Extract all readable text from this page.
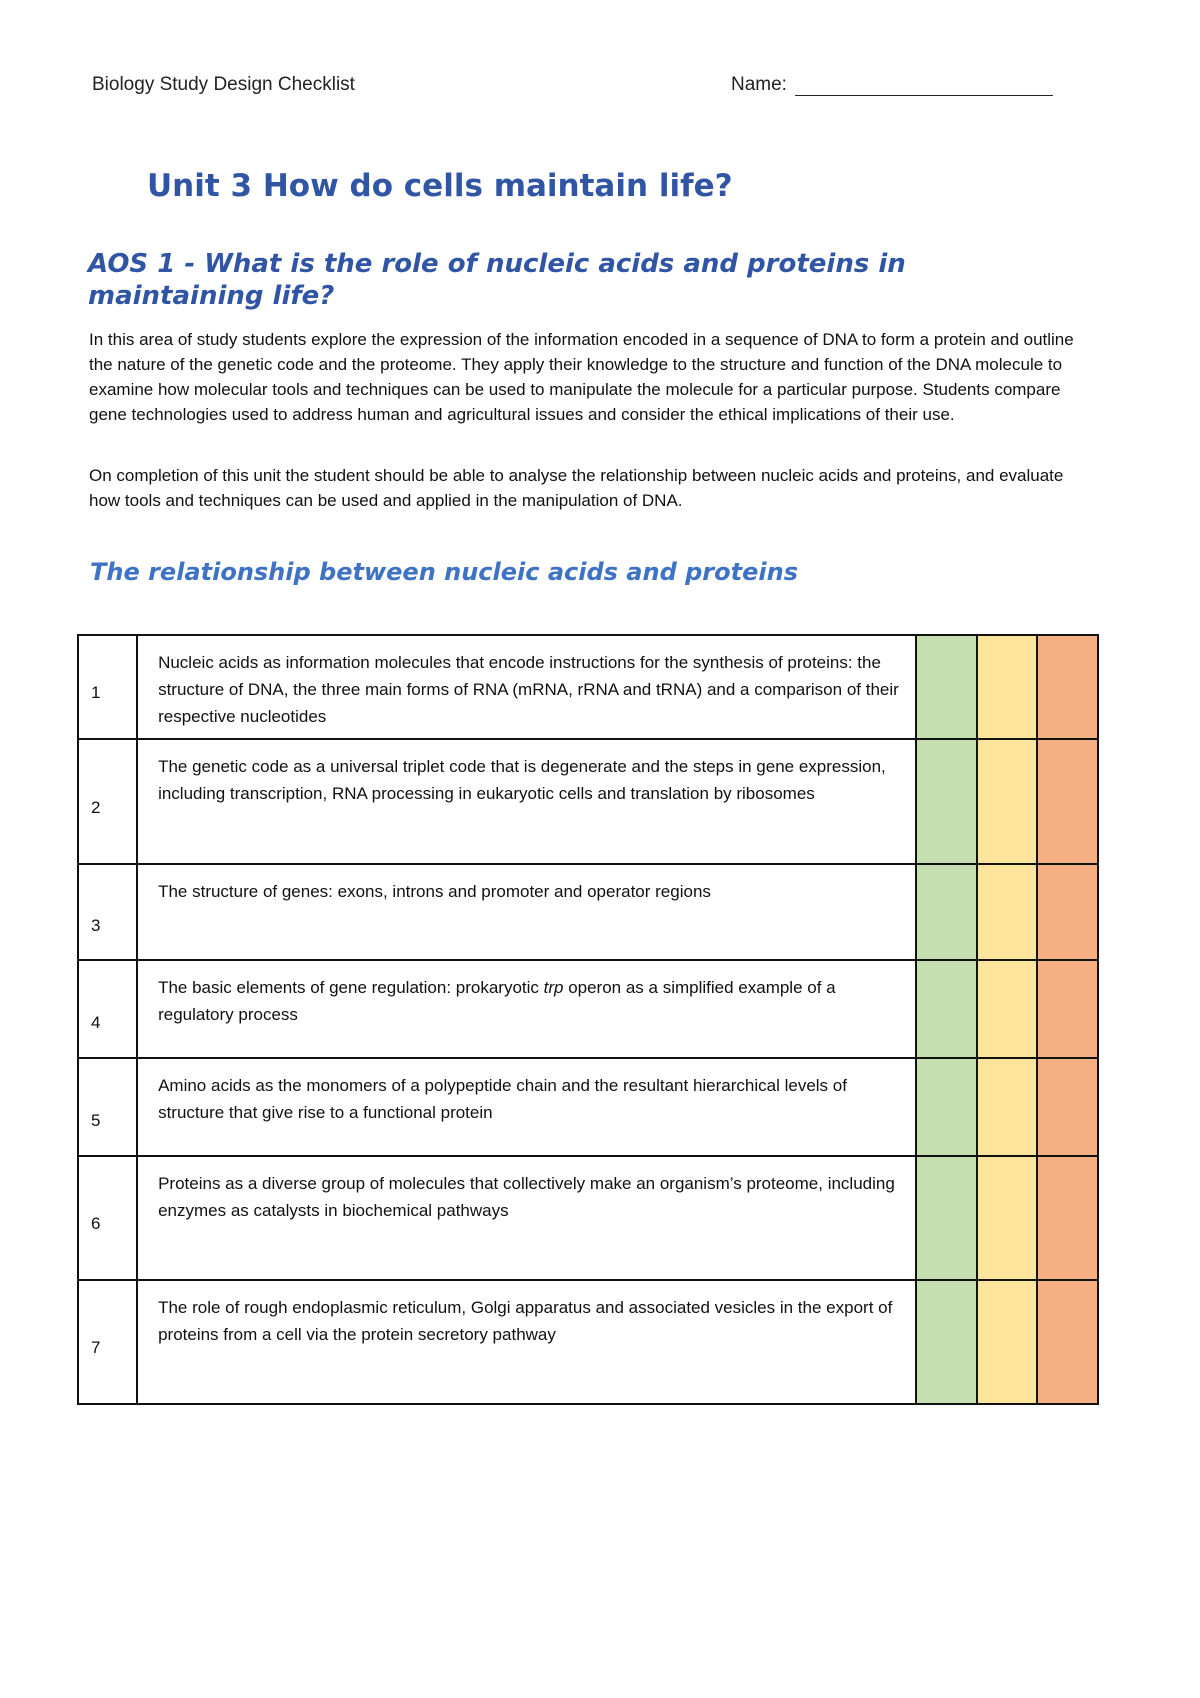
Biology Study Design Checklist	Name:
Unit 3 How do cells maintain life?
AOS 1 - What is the role of nucleic acids and proteins in maintaining life?

In this area of study students explore the expression of the information encoded in a sequence of DNA to form a protein and outline the nature of the genetic code and the proteome. They apply their knowledge to the structure and function of the DNA molecule to examine how molecular tools and techniques can be used to manipulate the molecule for a particular purpose. Students compare gene technologies used to address human and agricultural issues and consider the ethical implications of their use.

On completion of this unit the student should be able to analyse the relationship between nucleic acids and proteins, and evaluate how tools and techniques can be used and applied in the manipulation of DNA.

The relationship between nucleic acids and proteins
1	Nucleic acids as information molecules that encode instructions for the synthesis of proteins: the structure of DNA, the three main forms of RNA (mRNA, rRNA and tRNA) and a comparison of their respective nucleotides			
2	The genetic code as a universal triplet code that is degenerate and the steps in gene expression, including transcription, RNA processing in eukaryotic cells and translation by ribosomes			
3	The structure of genes: exons, introns and promoter and operator regions			
4	The basic elements of gene regulation: prokaryotic trp operon as a simplified example of a regulatory process			
5	Amino acids as the monomers of a polypeptide chain and the resultant hierarchical levels of structure that give rise to a functional protein			
6	Proteins as a diverse group of molecules that collectively make an organism’s proteome, including enzymes as catalysts in biochemical pathways			
7	The role of rough endoplasmic reticulum, Golgi apparatus and associated vesicles in the export of proteins from a cell via the protein secretory pathway			
